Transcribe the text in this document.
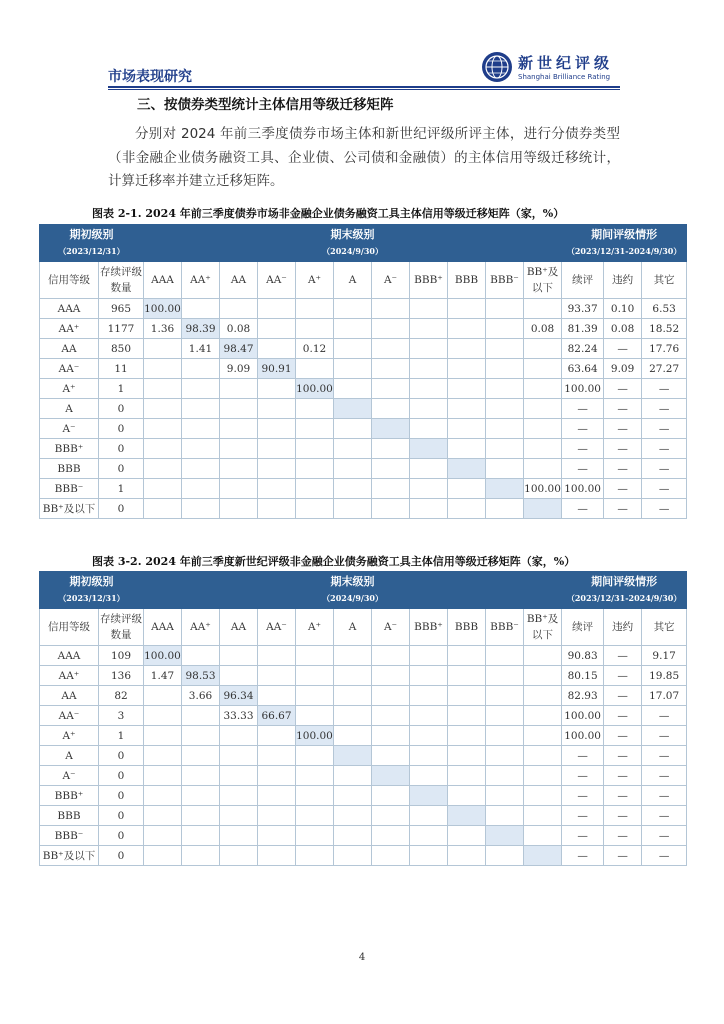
市场表现研究
新世纪评级
Shanghai Brilliance Rating
三、按债券类型统计主体信用等级迁移矩阵
分别对 2024 年前三季度债券市场主体和新世纪评级所评主体，进行分债券类型（非金融企业债务融资工具、企业债、公司债和金融债）的主体信用等级迁移统计，计算迁移率并建立迁移矩阵。
图表 2-1. 2024 年前三季度债券市场非金融企业债务融资工具主体信用等级迁移矩阵（家，%）
期初级别
（2023/12/31）		期末级别
（2024/9/30）											期间评级情形
（2023/12/31-2024/9/30）		

信用等级	存续评级数量	AAA	AA⁺	AA	AA⁻	A⁺	A	A⁻	BBB⁺	BBB	BBB⁻	BB⁺及以下	续评	违约	其它
AAA	965	100.00											93.37	0.10	6.53
AA⁺	1177	1.36	98.39	0.08								0.08	81.39	0.08	18.52
AA	850		1.41	98.47		0.12							82.24	—	17.76
AA⁻	11			9.09	90.91								63.64	9.09	27.27
A⁺	1					100.00							100.00	—	—
A	0												—	—	—
A⁻	0												—	—	—
BBB⁺	0												—	—	—
BBB	0												—	—	—
BBB⁻	1											100.00	100.00	—	—
BB⁺及以下	0												—	—	—
图表 3-2. 2024 年前三季度新世纪评级非金融企业债务融资工具主体信用等级迁移矩阵（家，%）
期初级别
（2023/12/31）		期末级别
（2024/9/30）											期间评级情形
（2023/12/31-2024/9/30）		

信用等级	存续评级数量	AAA	AA⁺	AA	AA⁻	A⁺	A	A⁻	BBB⁺	BBB	BBB⁻	BB⁺及以下	续评	违约	其它
AAA	109	100.00											90.83	—	9.17
AA⁺	136	1.47	98.53										80.15	—	19.85
AA	82		3.66	96.34									82.93	—	17.07
AA⁻	3			33.33	66.67								100.00	—	—
A⁺	1					100.00							100.00	—	—
A	0												—	—	—
A⁻	0												—	—	—
BBB⁺	0												—	—	—
BBB	0												—	—	—
BBB⁻	0												—	—	—
BB⁺及以下	0												—	—	—
4
